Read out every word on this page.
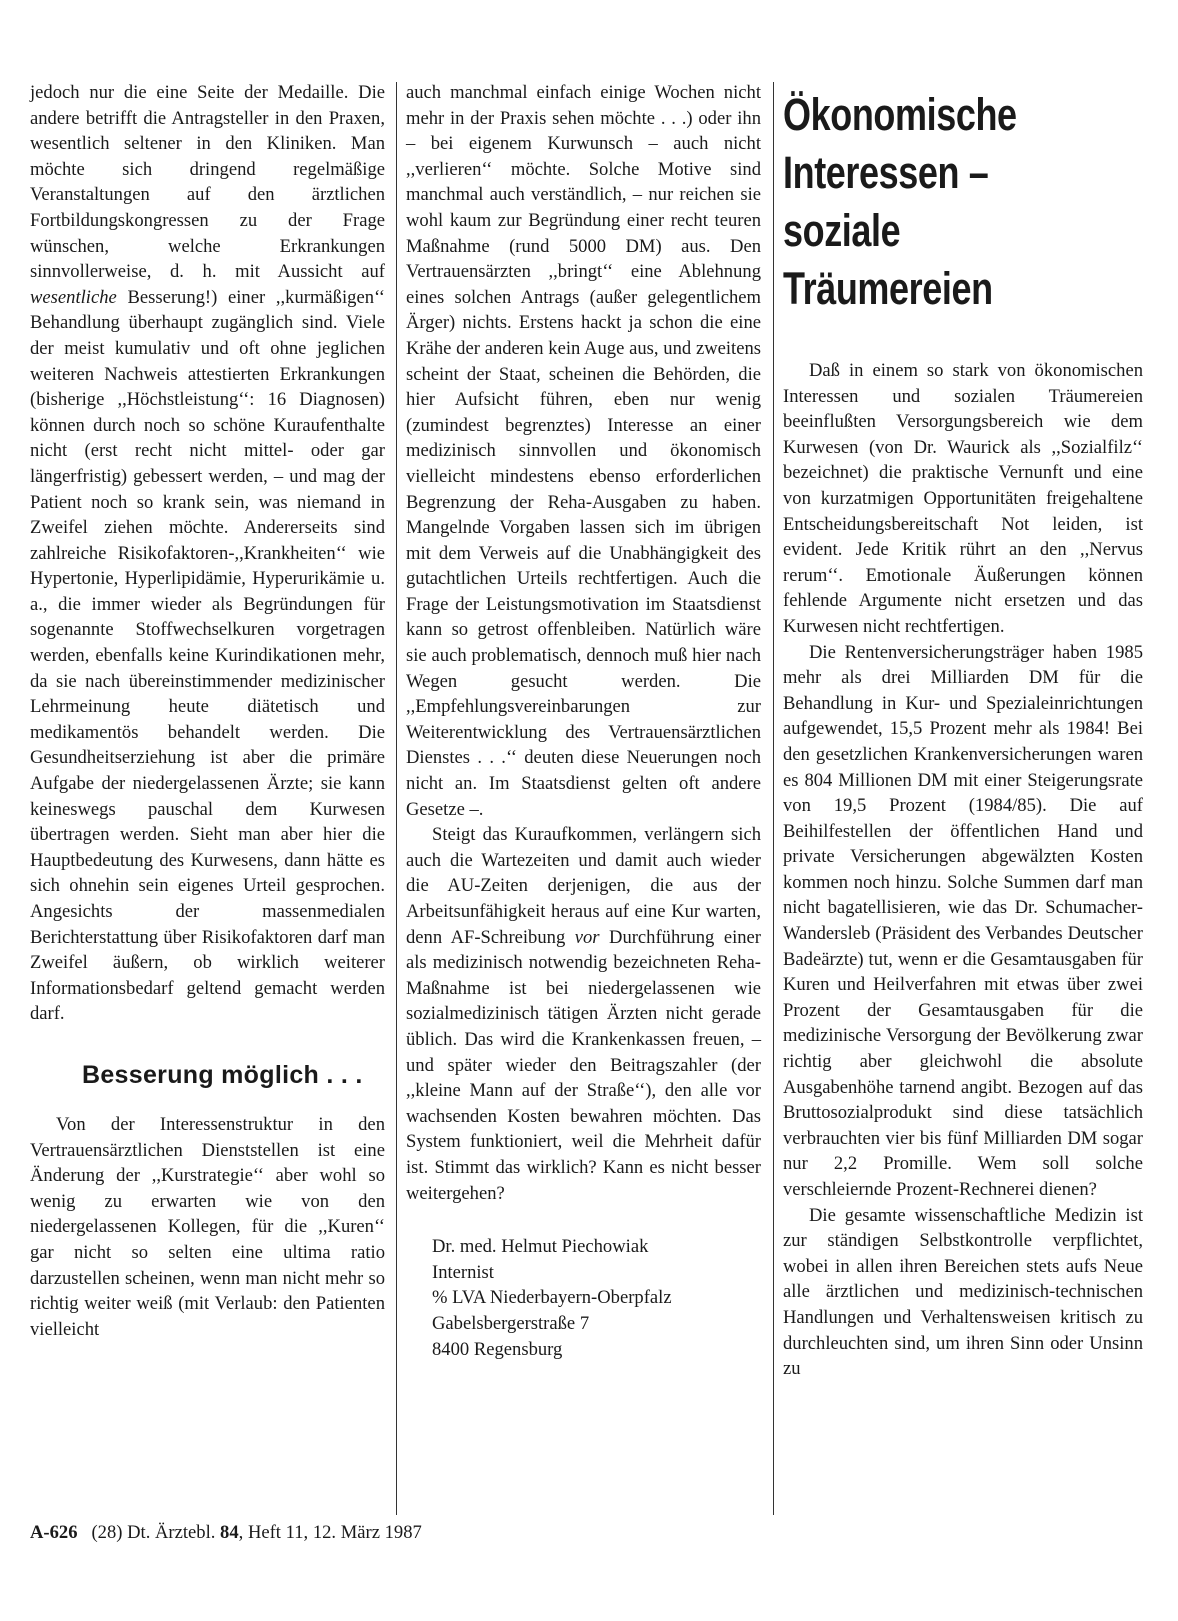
jedoch nur die eine Seite der Medaille. Die andere betrifft die Antragsteller in den Praxen, wesentlich seltener in den Kliniken. Man möchte sich dringend regelmäßige Veranstaltungen auf den ärztlichen Fortbildungskongressen zu der Frage wünschen, welche Erkrankungen sinnvollerweise, d. h. mit Aussicht auf wesentliche Besserung!) einer ,,kurmäßigen‘‘ Behandlung überhaupt zugänglich sind. Viele der meist kumulativ und oft ohne jeglichen weiteren Nachweis attestierten Erkrankungen (bisherige ,,Höchstleistung‘‘: 16 Diagnosen) können durch noch so schöne Kuraufenthalte nicht (erst recht nicht mittel- oder gar längerfristig) gebessert werden, – und mag der Patient noch so krank sein, was niemand in Zweifel ziehen möchte. Andererseits sind zahlreiche Risikofaktoren-,,Krankheiten‘‘ wie Hypertonie, Hyperlipidämie, Hyperurikämie u. a., die immer wieder als Begründungen für sogenannte Stoffwechselkuren vorgetragen werden, ebenfalls keine Kurindikationen mehr, da sie nach übereinstimmender medizinischer Lehrmeinung heute diätetisch und medikamentös behandelt werden. Die Gesundheitserziehung ist aber die primäre Aufgabe der niedergelassenen Ärzte; sie kann keineswegs pauschal dem Kurwesen übertragen werden. Sieht man aber hier die Hauptbedeutung des Kurwesens, dann hätte es sich ohnehin sein eigenes Urteil gesprochen. Angesichts der massenmedialen Berichterstattung über Risikofaktoren darf man Zweifel äußern, ob wirklich weiterer Informationsbedarf geltend gemacht werden darf.

Besserung möglich . . .

Von der Interessenstruktur in den Vertrauensärztlichen Dienststellen ist eine Änderung der ,,Kurstrategie‘‘ aber wohl so wenig zu erwarten wie von den niedergelassenen Kollegen, für die ,,Kuren‘‘ gar nicht so selten eine ultima ratio darzustellen scheinen, wenn man nicht mehr so richtig weiter weiß (mit Verlaub: den Patienten vielleicht

auch manchmal einfach einige Wochen nicht mehr in der Praxis sehen möchte . . .) oder ihn – bei eigenem Kurwunsch – auch nicht ,,verlieren‘‘ möchte. Solche Motive sind manchmal auch verständlich, – nur reichen sie wohl kaum zur Begründung einer recht teuren Maßnahme (rund 5000 DM) aus. Den Vertrauensärzten ,,bringt‘‘ eine Ablehnung eines solchen Antrags (außer gelegentlichem Ärger) nichts. Erstens hackt ja schon die eine Krähe der anderen kein Auge aus, und zweitens scheint der Staat, scheinen die Behörden, die hier Aufsicht führen, eben nur wenig (zumindest begrenztes) Interesse an einer medizinisch sinnvollen und ökonomisch vielleicht mindestens ebenso erforderlichen Begrenzung der Reha-Ausgaben zu haben. Mangelnde Vorgaben lassen sich im übrigen mit dem Verweis auf die Unabhängigkeit des gutachtlichen Urteils rechtfertigen. Auch die Frage der Leistungsmotivation im Staatsdienst kann so getrost offenbleiben. Natürlich wäre sie auch problematisch, dennoch muß hier nach Wegen gesucht werden. Die ,,Empfehlungsvereinbarungen zur Weiterentwicklung des Vertrauensärztlichen Dienstes . . .‘‘ deuten diese Neuerungen noch nicht an. Im Staatsdienst gelten oft andere Gesetze –.

Steigt das Kuraufkommen, verlängern sich auch die Wartezeiten und damit auch wieder die AU-Zeiten derjenigen, die aus der Arbeitsunfähigkeit heraus auf eine Kur warten, denn AF-Schreibung vor Durchführung einer als medizinisch notwendig bezeichneten Reha-Maßnahme ist bei niedergelassenen wie sozialmedizinisch tätigen Ärzten nicht gerade üblich. Das wird die Krankenkassen freuen, – und später wieder den Beitragszahler (der ,,kleine Mann auf der Straße‘‘), den alle vor wachsenden Kosten bewahren möchten. Das System funktioniert, weil die Mehrheit dafür ist. Stimmt das wirklich? Kann es nicht besser weitergehen?

Dr. med. Helmut Piechowiak
Internist
% LVA Niederbayern-Oberpfalz
Gabelsbergerstraße 7
8400 Regensburg
Ökonomische
Interessen –
soziale
Träumereien

Daß in einem so stark von ökonomischen Interessen und sozialen Träumereien beeinflußten Versorgungsbereich wie dem Kurwesen (von Dr. Waurick als ,,Sozialfilz‘‘ bezeichnet) die praktische Vernunft und eine von kurzatmigen Opportunitäten freigehaltene Entscheidungsbereitschaft Not leiden, ist evident. Jede Kritik rührt an den ,,Nervus rerum‘‘. Emotionale Äußerungen können fehlende Argumente nicht ersetzen und das Kurwesen nicht rechtfertigen.

Die Rentenversicherungsträger haben 1985 mehr als drei Milliarden DM für die Behandlung in Kur- und Spezialeinrichtungen aufgewendet, 15,5 Prozent mehr als 1984! Bei den gesetzlichen Krankenversicherungen waren es 804 Millionen DM mit einer Steigerungsrate von 19,5 Prozent (1984/85). Die auf Beihilfestellen der öffentlichen Hand und private Versicherungen abgewälzten Kosten kommen noch hinzu. Solche Summen darf man nicht bagatellisieren, wie das Dr. Schumacher-Wandersleb (Präsident des Verbandes Deutscher Badeärzte) tut, wenn er die Gesamtausgaben für Kuren und Heilverfahren mit etwas über zwei Prozent der Gesamtausgaben für die medizinische Versorgung der Bevölkerung zwar richtig aber gleichwohl die absolute Ausgabenhöhe tarnend angibt. Bezogen auf das Bruttosozialprodukt sind diese tatsächlich verbrauchten vier bis fünf Milliarden DM sogar nur 2,2 Promille. Wem soll solche verschleiernde Prozent-Rechnerei dienen?

Die gesamte wissenschaftliche Medizin ist zur ständigen Selbstkontrolle verpflichtet, wobei in allen ihren Bereichen stets aufs Neue alle ärztlichen und medizinisch-technischen Handlungen und Verhaltensweisen kritisch zu durchleuchten sind, um ihren Sinn oder Unsinn zu

A-626 (28) Dt. Ärztebl. 84, Heft 11, 12. März 1987
